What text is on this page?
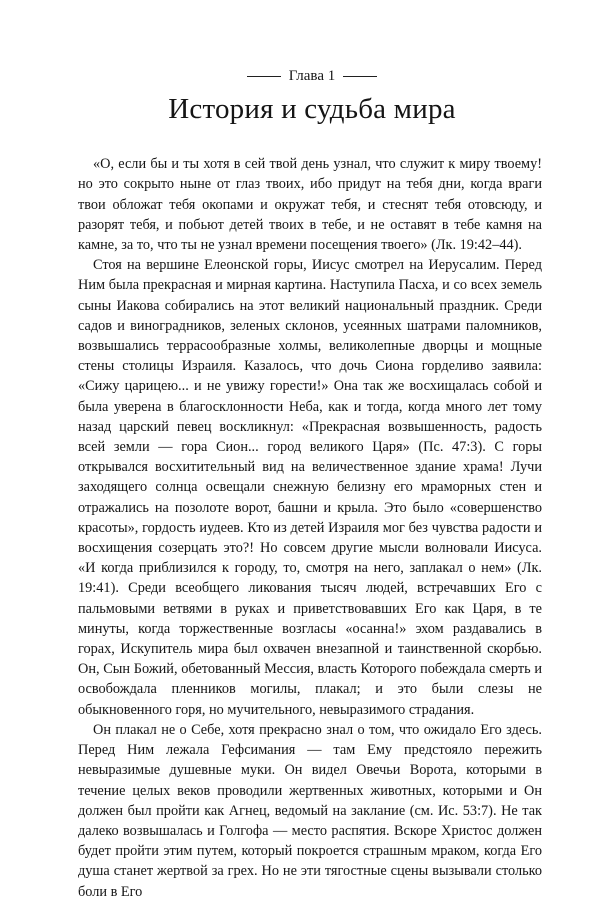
Глава 1
История и судьба мира

«О, если бы и ты хотя в сей твой день узнал, что служит к миру твоему! но это сокрыто ныне от глаз твоих, ибо придут на тебя дни, когда враги твои обложат тебя окопами и окружат тебя, и стеснят тебя отовсюду, и разорят тебя, и побьют детей твоих в тебе, и не оставят в тебе камня на камне, за то, что ты не узнал времени посещения твоего» (Лк. 19:42–44).

Стоя на вершине Елеонской горы, Иисус смотрел на Иерусалим. Перед Ним была прекрасная и мирная картина. Наступила Пасха, и со всех земель сыны Иакова собирались на этот великий национальный праздник. Среди садов и виноградников, зеленых склонов, усеянных шатрами паломников, возвышались террасообразные холмы, великолепные дворцы и мощные стены столицы Израиля. Казалось, что дочь Сиона горделиво заявила: «Сижу царицею... и не увижу горести!» Она так же восхищалась собой и была уверена в благосклонности Неба, как и тогда, когда много лет тому назад царский певец воскликнул: «Прекрасная возвышенность, радость всей земли — гора Сион... город великого Царя» (Пс. 47:3). С горы открывался восхитительный вид на величественное здание храма! Лучи заходящего солнца освещали снежную белизну его мраморных стен и отражались на позолоте ворот, башни и крыла. Это было «совершенство красоты», гордость иудеев. Кто из детей Израиля мог без чувства радости и восхищения созерцать это?! Но совсем другие мысли волновали Иисуса. «И когда приблизился к городу, то, смотря на него, заплакал о нем» (Лк. 19:41). Среди всеобщего ликования тысяч людей, встречавших Его с пальмовыми ветвями в руках и приветствовавших Его как Царя, в те минуты, когда торжественные возгласы «осанна!» эхом раздавались в горах, Искупитель мира был охвачен внезапной и таинственной скорбью. Он, Сын Божий, обетованный Мессия, власть Которого побеждала смерть и освобождала пленников могилы, плакал; и это были слезы не обыкновенного горя, но мучительного, невыразимого страдания.

Он плакал не о Себе, хотя прекрасно знал о том, что ожидало Его здесь. Перед Ним лежала Гефсимания — там Ему предстояло пережить невыразимые душевные муки. Он видел Овечьи Ворота, которыми в течение целых веков проводили жертвенных животных, которыми и Он должен был пройти как Агнец, ведомый на заклание (см. Ис. 53:7). Не так далеко возвышалась и Голгофа — место распятия. Вскоре Христос должен будет пройти этим путем, который покроется страшным мраком, когда Его душа станет жертвой за грех. Но не эти тягостные сцены вызывали столько боли в Его
